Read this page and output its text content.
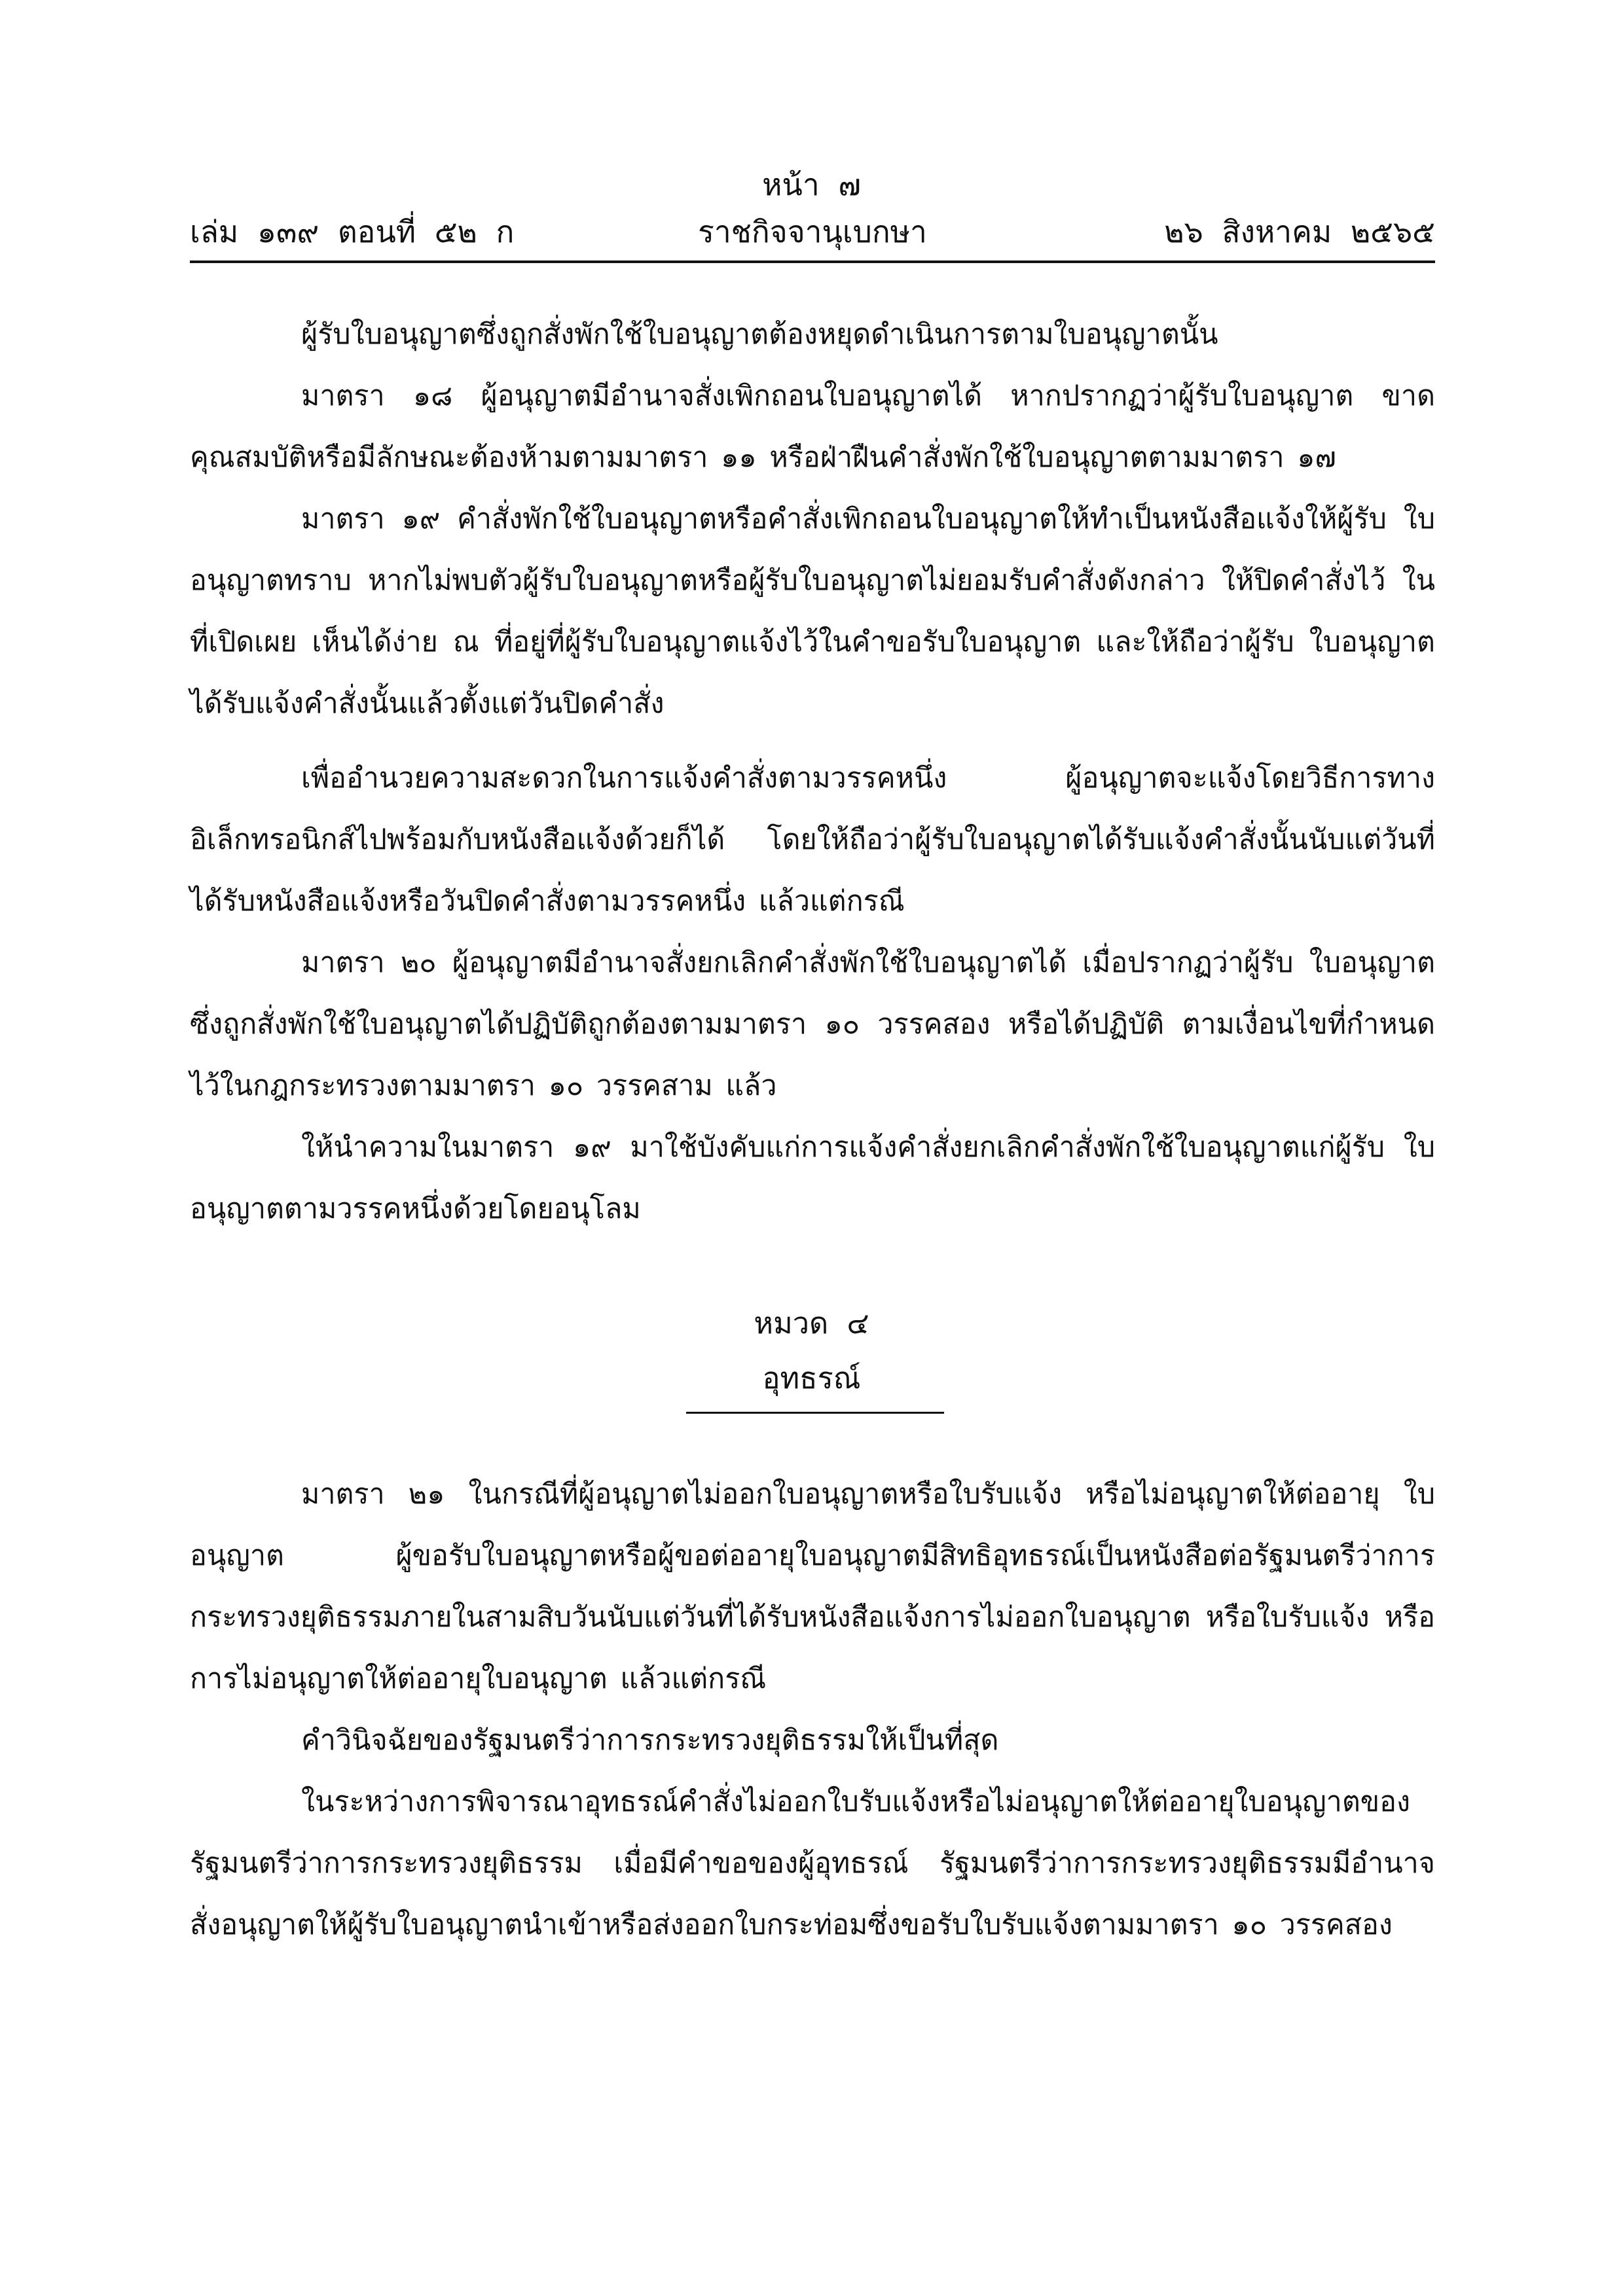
หน้า ๗
ราชกิจจานุเบกษา
เล่ม ๑๓๙ ตอนที่ ๕๒ ก	๒๖ สิงหาคม ๒๕๖๕

ผู้รับใบอนุญาตซึ่งถูกสั่งพักใช้ใบอนุญาตต้องหยุดดำเนินการตามใบอนุญาตนั้น

มาตรา ๑๘ ผู้อนุญาตมีอำนาจสั่งเพิกถอนใบอนุญาตได้ หากปรากฏว่าผู้รับใบอนุญาต ขาดคุณสมบัติหรือมีลักษณะต้องห้ามตามมาตรา ๑๑ หรือฝ่าฝืนคำสั่งพักใช้ใบอนุญาตตามมาตรา ๑๗

มาตรา ๑๙ คำสั่งพักใช้ใบอนุญาตหรือคำสั่งเพิกถอนใบอนุญาตให้ทำเป็นหนังสือแจ้งให้ผู้รับ ใบอนุญาตทราบ หากไม่พบตัวผู้รับใบอนุญาตหรือผู้รับใบอนุญาตไม่ยอมรับคำสั่งดังกล่าว ให้ปิดคำสั่งไว้ ในที่เปิดเผย เห็นได้ง่าย ณ ที่อยู่ที่ผู้รับใบอนุญาตแจ้งไว้ในคำขอรับใบอนุญาต และให้ถือว่าผู้รับ ใบอนุญาตได้รับแจ้งคำสั่งนั้นแล้วตั้งแต่วันปิดคำสั่ง

เพื่ออำนวยความสะดวกในการแจ้งคำสั่งตามวรรคหนึ่ง ผู้อนุญาตจะแจ้งโดยวิธีการทาง อิเล็กทรอนิกส์ไปพร้อมกับหนังสือแจ้งด้วยก็ได้ โดยให้ถือว่าผู้รับใบอนุญาตได้รับแจ้งคำสั่งนั้นนับแต่วันที่ ได้รับหนังสือแจ้งหรือวันปิดคำสั่งตามวรรคหนึ่ง แล้วแต่กรณี

มาตรา ๒๐ ผู้อนุญาตมีอำนาจสั่งยกเลิกคำสั่งพักใช้ใบอนุญาตได้ เมื่อปรากฏว่าผู้รับ ใบอนุญาตซึ่งถูกสั่งพักใช้ใบอนุญาตได้ปฏิบัติถูกต้องตามมาตรา ๑๐ วรรคสอง หรือได้ปฏิบัติ ตามเงื่อนไขที่กำหนดไว้ในกฎกระทรวงตามมาตรา ๑๐ วรรคสาม แล้ว

ให้นำความในมาตรา ๑๙ มาใช้บังคับแก่การแจ้งคำสั่งยกเลิกคำสั่งพักใช้ใบอนุญาตแก่ผู้รับ ใบอนุญาตตามวรรคหนึ่งด้วยโดยอนุโลม

หมวด ๔
อุทธรณ์

มาตรา ๒๑ ในกรณีที่ผู้อนุญาตไม่ออกใบอนุญาตหรือใบรับแจ้ง หรือไม่อนุญาตให้ต่ออายุ ใบอนุญาต ผู้ขอรับใบอนุญาตหรือผู้ขอต่ออายุใบอนุญาตมีสิทธิอุทธรณ์เป็นหนังสือต่อรัฐมนตรีว่าการ กระทรวงยุติธรรมภายในสามสิบวันนับแต่วันที่ได้รับหนังสือแจ้งการไม่ออกใบอนุญาต หรือใบรับแจ้ง หรือการไม่อนุญาตให้ต่ออายุใบอนุญาต แล้วแต่กรณี

คำวินิจฉัยของรัฐมนตรีว่าการกระทรวงยุติธรรมให้เป็นที่สุด

ในระหว่างการพิจารณาอุทธรณ์คำสั่งไม่ออกใบรับแจ้งหรือไม่อนุญาตให้ต่ออายุใบอนุญาตของ รัฐมนตรีว่าการกระทรวงยุติธรรม เมื่อมีคำขอของผู้อุทธรณ์ รัฐมนตรีว่าการกระทรวงยุติธรรมมีอำนาจ สั่งอนุญาตให้ผู้รับใบอนุญาตนำเข้าหรือส่งออกใบกระท่อมซึ่งขอรับใบรับแจ้งตามมาตรา ๑๐ วรรคสอง
